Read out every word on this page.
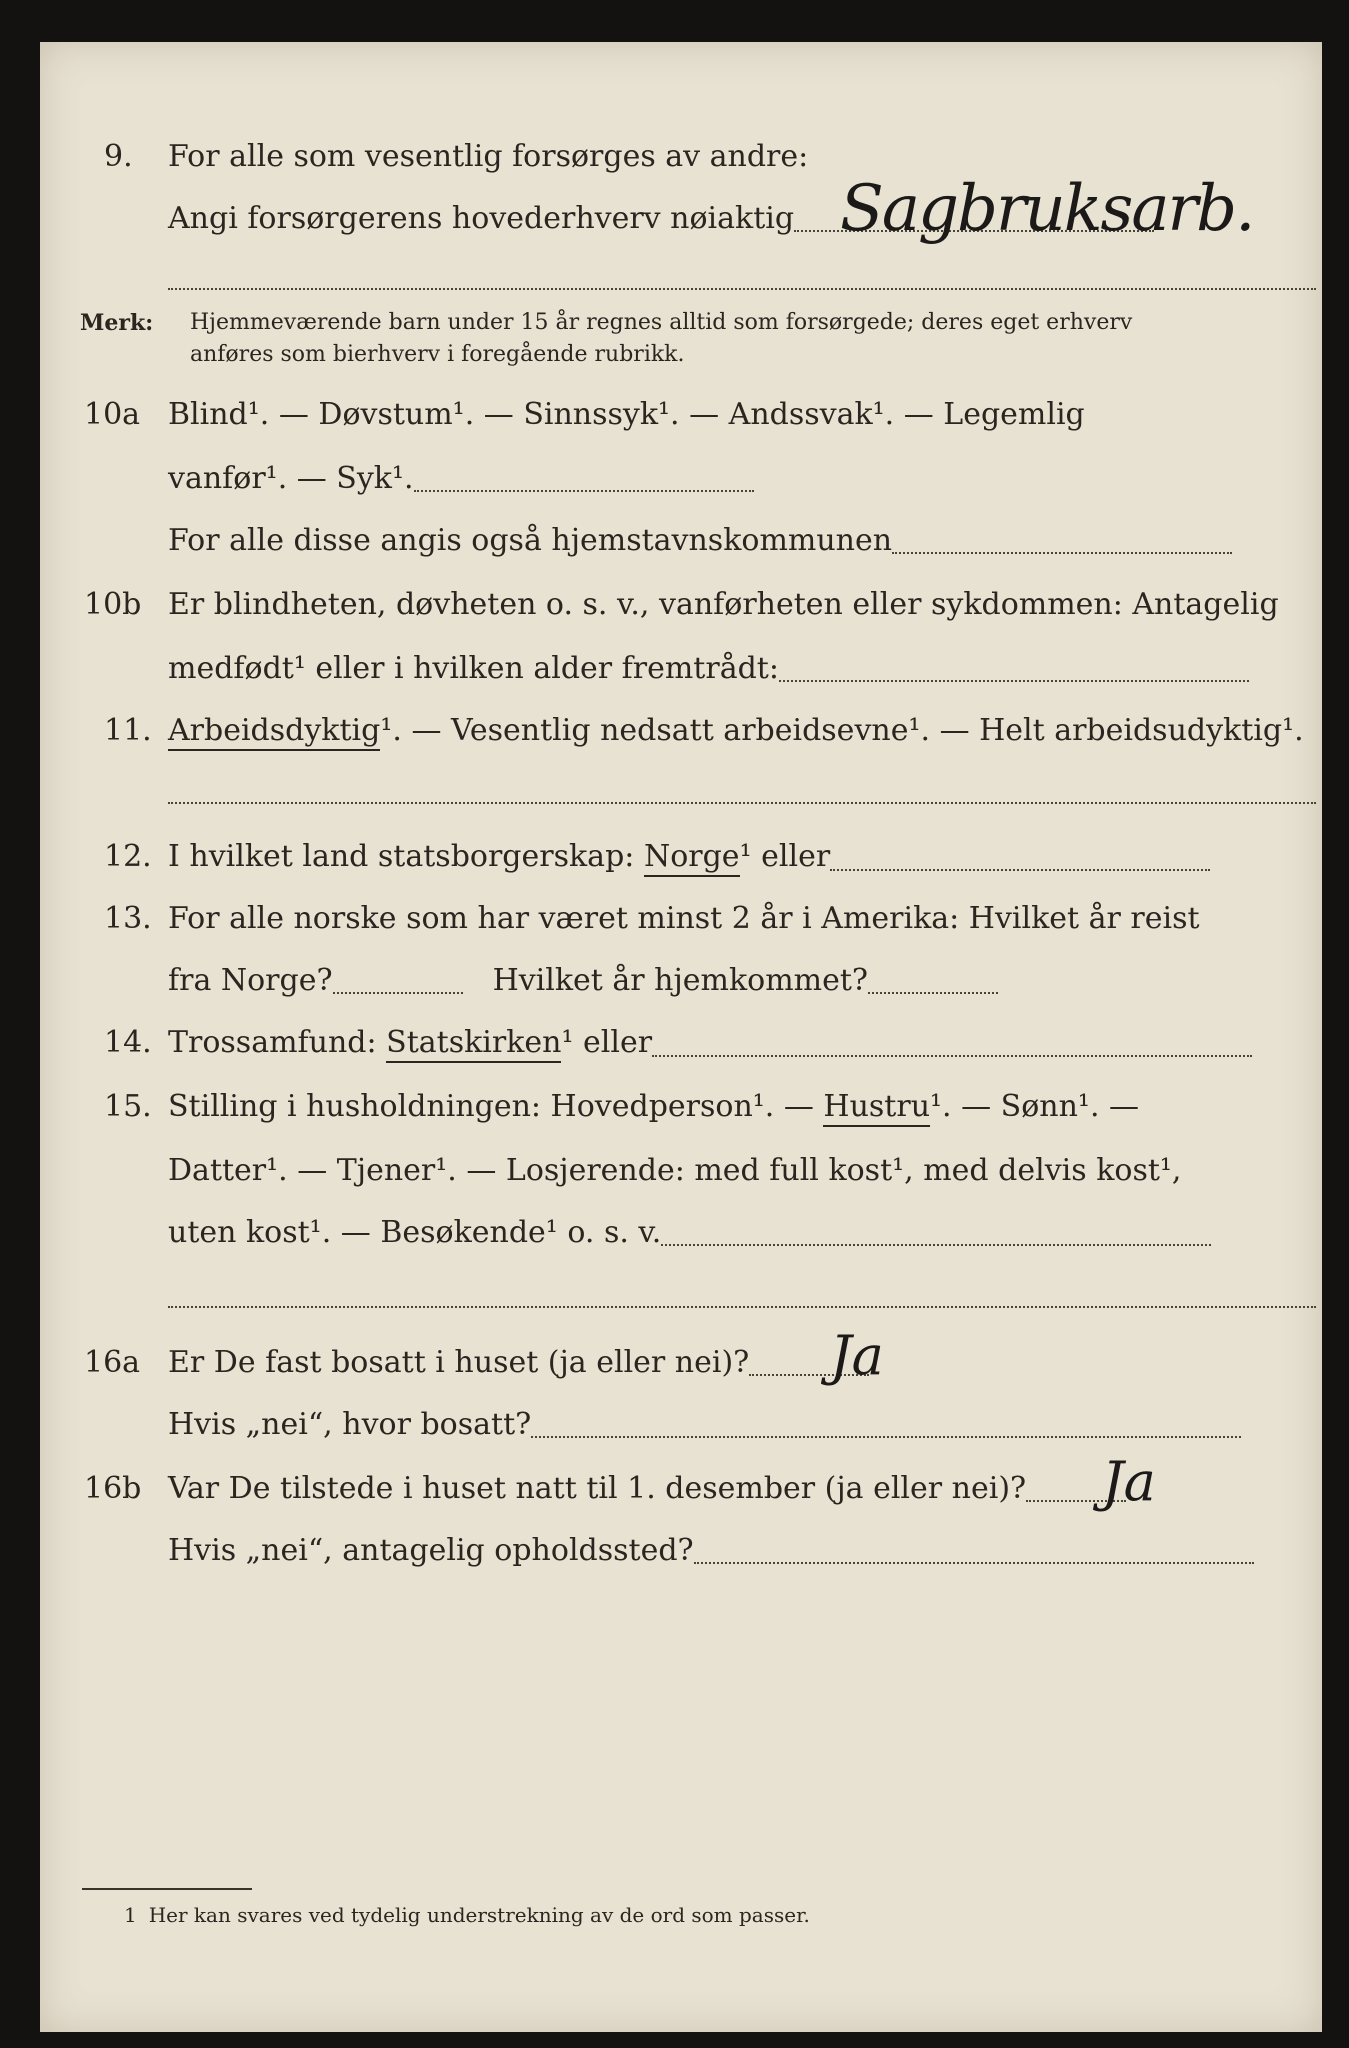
9. For alle som vesentlig forsørges av andre:
Angi forsørgerens hovederhverv nøiaktig Sagbruksarb.
Merk: Hjemmeværende barn under 15 år regnes alltid som forsørgede; deres eget erhverv
anføres som bierhverv i foregående rubrikk.
10a Blind¹. — Døvstum¹. — Sinnssyk¹. — Andssvak¹. — Legemlig
vanfør¹. — Syk¹.
For alle disse angis også hjemstavnskommunen
10b Er blindheten, døvheten o. s. v., vanførheten eller sykdommen: Antagelig
medfødt¹ eller i hvilken alder fremtrådt:
11. Arbeidsdyktig¹. — Vesentlig nedsatt arbeidsevne¹. — Helt arbeidsudyktig¹.
12. I hvilket land statsborgerskap: Norge¹ eller
13. For alle norske som har været minst 2 år i Amerika: Hvilket år reist
fra Norge?	Hvilket år hjemkommet?
14. Trossamfund: Statskirken¹ eller
15. Stilling i husholdningen: Hovedperson¹. — Hustru¹. — Sønn¹. —
Datter¹. — Tjener¹. — Losjerende: med full kost¹, med delvis kost¹,
uten kost¹. — Besøkende¹ o. s. v.
16a Er De fast bosatt i huset (ja eller nei)?	Ja
Hvis „nei“, hvor bosatt?
16b Var De tilstede i huset natt til 1. desember (ja eller nei)?	Ja
Hvis „nei“, antagelig opholdssted?
1 Her kan svares ved tydelig understrekning av de ord som passer.
